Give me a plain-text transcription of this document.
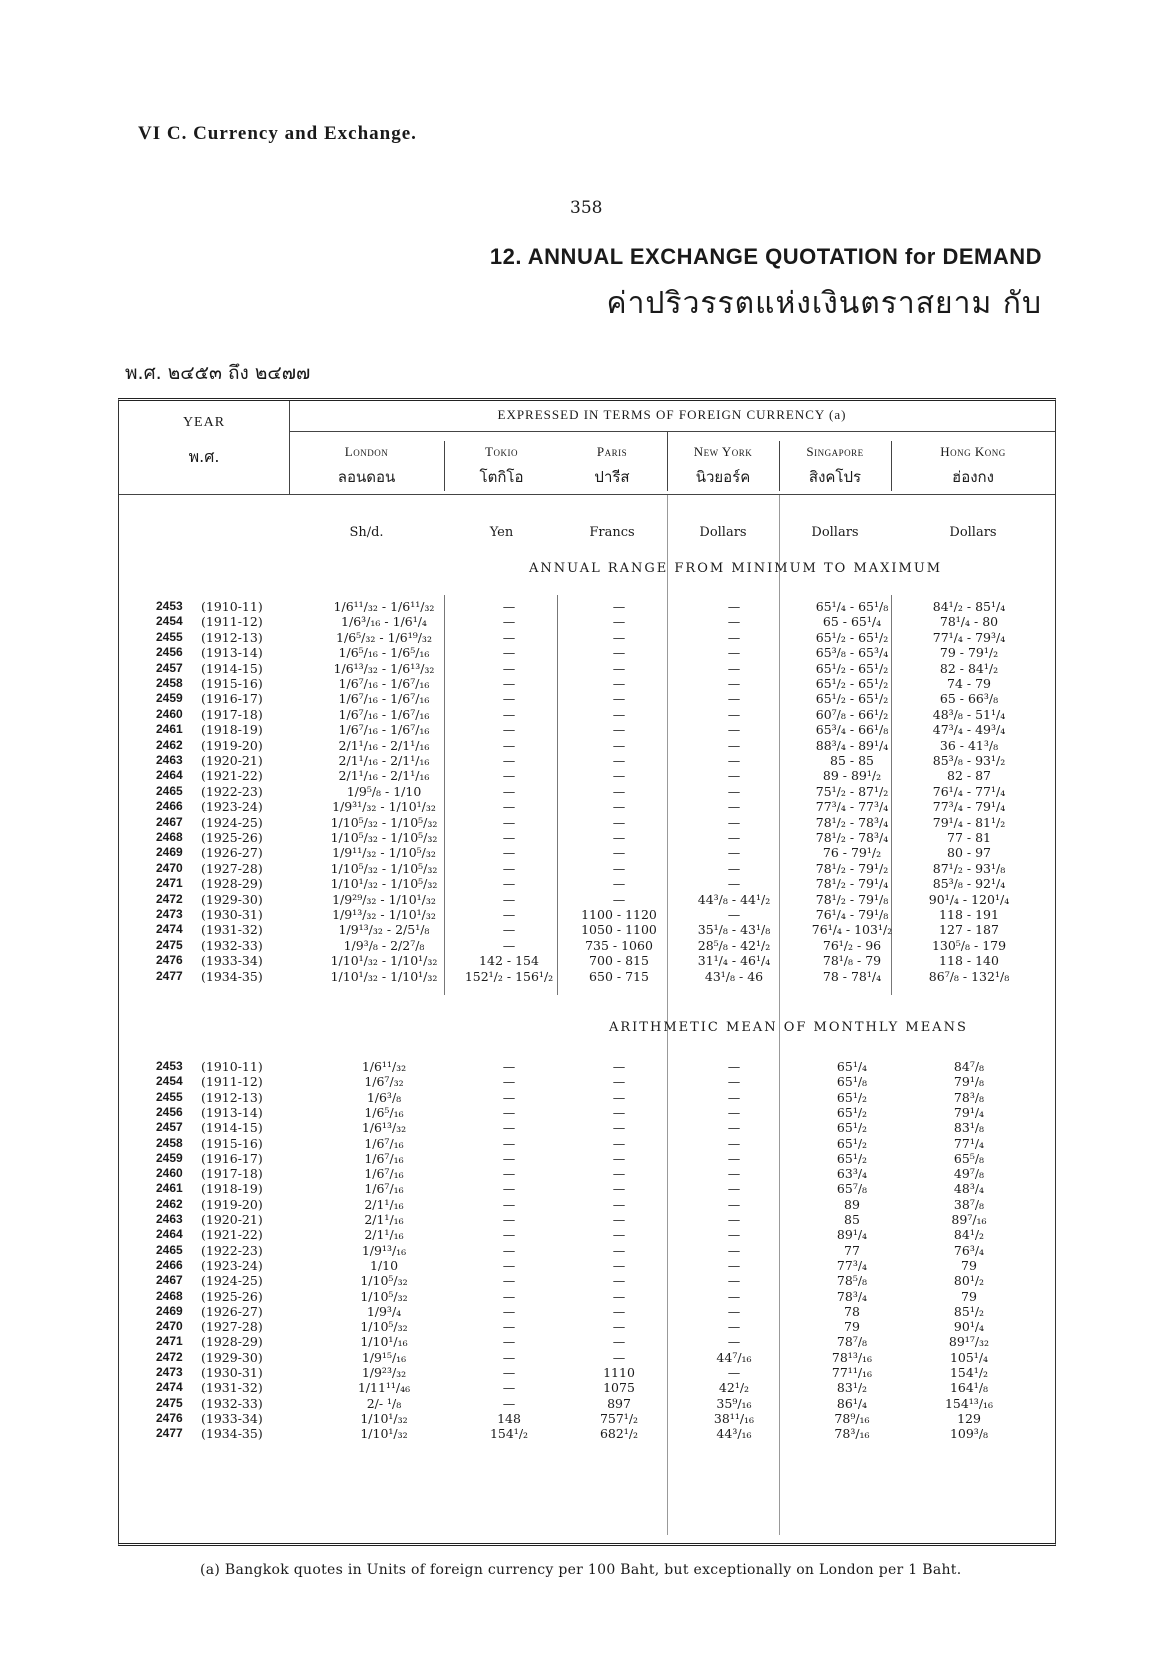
VI C. Currency and Exchange.
358
12. ANNUAL EXCHANGE QUOTATION for DEMAND
ค่าปริวรรตแห่งเงินตราสยาม กับ
พ.ศ. ๒๔๕๓ ถึง ๒๔๗๗
YEAR
พ.ศ.
EXPRESSED IN TERMS OF FOREIGN CURRENCY (a)
London
ลอนดอน
Tokio
โตกิโอ
Paris
ปารีส
New York
นิวยอร์ค
Singapore
สิงคโปร
Hong Kong
ฮ่องกง
Sh/d.	Yen	Francs	Dollars	Dollars	Dollars
ANNUAL RANGE FROM MINIMUM TO MAXIMUM
ARITHMETIC MEAN OF MONTHLY MEANS
2453	(1910-11)	1/6¹¹/₃₂ - 1/6¹¹/₃₂	—	—	—	65¹/₄ - 65¹/₈	84¹/₂ - 85¹/₄
2454	(1911-12)	1/6³/₁₆ - 1/6¹/₄	—	—	—	65 - 65¹/₄	78¹/₄ - 80
2455	(1912-13)	1/6⁵/₃₂ - 1/6¹⁹/₃₂	—	—	—	65¹/₂ - 65¹/₂	77¹/₄ - 79³/₄
2456	(1913-14)	1/6⁵/₁₆ - 1/6⁵/₁₆	—	—	—	65³/₈ - 65³/₄	79 - 79¹/₂
2457	(1914-15)	1/6¹³/₃₂ - 1/6¹³/₃₂	—	—	—	65¹/₂ - 65¹/₂	82 - 84¹/₂
2458	(1915-16)	1/6⁷/₁₆ - 1/6⁷/₁₆	—	—	—	65¹/₂ - 65¹/₂	74 - 79
2459	(1916-17)	1/6⁷/₁₆ - 1/6⁷/₁₆	—	—	—	65¹/₂ - 65¹/₂	65 - 66³/₈
2460	(1917-18)	1/6⁷/₁₆ - 1/6⁷/₁₆	—	—	—	60⁷/₈ - 66¹/₂	48³/₈ - 51¹/₄
2461	(1918-19)	1/6⁷/₁₆ - 1/6⁷/₁₆	—	—	—	65³/₄ - 66¹/₈	47³/₄ - 49³/₄
2462	(1919-20)	2/1¹/₁₆ - 2/1¹/₁₆	—	—	—	88³/₄ - 89¹/₄	36 - 41³/₈
2463	(1920-21)	2/1¹/₁₆ - 2/1¹/₁₆	—	—	—	85 - 85	85³/₈ - 93¹/₂
2464	(1921-22)	2/1¹/₁₆ - 2/1¹/₁₆	—	—	—	89 - 89¹/₂	82 - 87
2465	(1922-23)	1/9⁵/₈ - 1/10	—	—	—	75¹/₂ - 87¹/₂	76¹/₄ - 77¹/₄
2466	(1923-24)	1/9³¹/₃₂ - 1/10¹/₃₂	—	—	—	77³/₄ - 77³/₄	77³/₄ - 79¹/₄
2467	(1924-25)	1/10⁵/₃₂ - 1/10⁵/₃₂	—	—	—	78¹/₂ - 78³/₄	79¹/₄ - 81¹/₂
2468	(1925-26)	1/10⁵/₃₂ - 1/10⁵/₃₂	—	—	—	78¹/₂ - 78³/₄	77 - 81
2469	(1926-27)	1/9¹¹/₃₂ - 1/10⁵/₃₂	—	—	—	76 - 79¹/₂	80 - 97
2470	(1927-28)	1/10⁵/₃₂ - 1/10⁵/₃₂	—	—	—	78¹/₂ - 79¹/₂	87¹/₂ - 93¹/₈
2471	(1928-29)	1/10¹/₃₂ - 1/10⁵/₃₂	—	—	—	78¹/₂ - 79¹/₄	85³/₈ - 92¹/₄
2472	(1929-30)	1/9²⁹/₃₂ - 1/10¹/₃₂	—	—	44³/₈ - 44¹/₂	78¹/₂ - 79¹/₈	90¹/₄ - 120¹/₄
2473	(1930-31)	1/9¹³/₃₂ - 1/10¹/₃₂	—	1100 - 1120	—	76¹/₄ - 79¹/₈	118 - 191
2474	(1931-32)	1/9¹³/₃₂ - 2/5¹/₈	—	1050 - 1100	35¹/₈ - 43¹/₈	76¹/₄ - 103¹/₂	127 - 187
2475	(1932-33)	1/9³/₈ - 2/2⁷/₈	—	735 - 1060	28⁵/₈ - 42¹/₂	76¹/₂ - 96	130⁵/₈ - 179
2476	(1933-34)	1/10¹/₃₂ - 1/10¹/₃₂	142 - 154	700 - 815	31¹/₄ - 46¹/₄	78¹/₈ - 79	118 - 140
2477	(1934-35)	1/10¹/₃₂ - 1/10¹/₃₂	152¹/₂ - 156¹/₂	650 - 715	43¹/₈ - 46	78 - 78¹/₄	86⁷/₈ - 132¹/₈
2453	(1910-11)	1/6¹¹/₃₂	—	—	—	65¹/₄	84⁷/₈
2454	(1911-12)	1/6⁷/₃₂	—	—	—	65¹/₈	79¹/₈
2455	(1912-13)	1/6³/₈	—	—	—	65¹/₂	78³/₈
2456	(1913-14)	1/6⁵/₁₆	—	—	—	65¹/₂	79¹/₄
2457	(1914-15)	1/6¹³/₃₂	—	—	—	65¹/₂	83¹/₈
2458	(1915-16)	1/6⁷/₁₆	—	—	—	65¹/₂	77¹/₄
2459	(1916-17)	1/6⁷/₁₆	—	—	—	65¹/₂	65⁵/₈
2460	(1917-18)	1/6⁷/₁₆	—	—	—	63³/₄	49⁷/₈
2461	(1918-19)	1/6⁷/₁₆	—	—	—	65⁷/₈	48³/₄
2462	(1919-20)	2/1¹/₁₆	—	—	—	89	38⁷/₈
2463	(1920-21)	2/1¹/₁₆	—	—	—	85	89⁷/₁₆
2464	(1921-22)	2/1¹/₁₆	—	—	—	89¹/₄	84¹/₂
2465	(1922-23)	1/9¹³/₁₆	—	—	—	77	76³/₄
2466	(1923-24)	1/10	—	—	—	77³/₄	79
2467	(1924-25)	1/10⁵/₃₂	—	—	—	78⁵/₈	80¹/₂
2468	(1925-26)	1/10⁵/₃₂	—	—	—	78³/₄	79
2469	(1926-27)	1/9³/₄	—	—	—	78	85¹/₂
2470	(1927-28)	1/10⁵/₃₂	—	—	—	79	90¹/₄
2471	(1928-29)	1/10¹/₁₆	—	—	—	78⁷/₈	89¹⁷/₃₂
2472	(1929-30)	1/9¹⁵/₁₆	—	—	44⁷/₁₆	78¹³/₁₆	105¹/₄
2473	(1930-31)	1/9²³/₃₂	—	1110	—	77¹¹/₁₆	154¹/₂
2474	(1931-32)	1/11¹¹/₄₆	—	1075	42¹/₂	83¹/₂	164¹/₈
2475	(1932-33)	2/- ¹/₈	—	897	35⁹/₁₆	86¹/₄	154¹³/₁₆
2476	(1933-34)	1/10¹/₃₂	148	757¹/₂	38¹¹/₁₆	78⁹/₁₆	129
2477	(1934-35)	1/10¹/₃₂	154¹/₂	682¹/₂	44³/₁₆	78³/₁₆	109³/₈
(a) Bangkok quotes in Units of foreign currency per 100 Baht, but exceptionally on London per 1 Baht.
